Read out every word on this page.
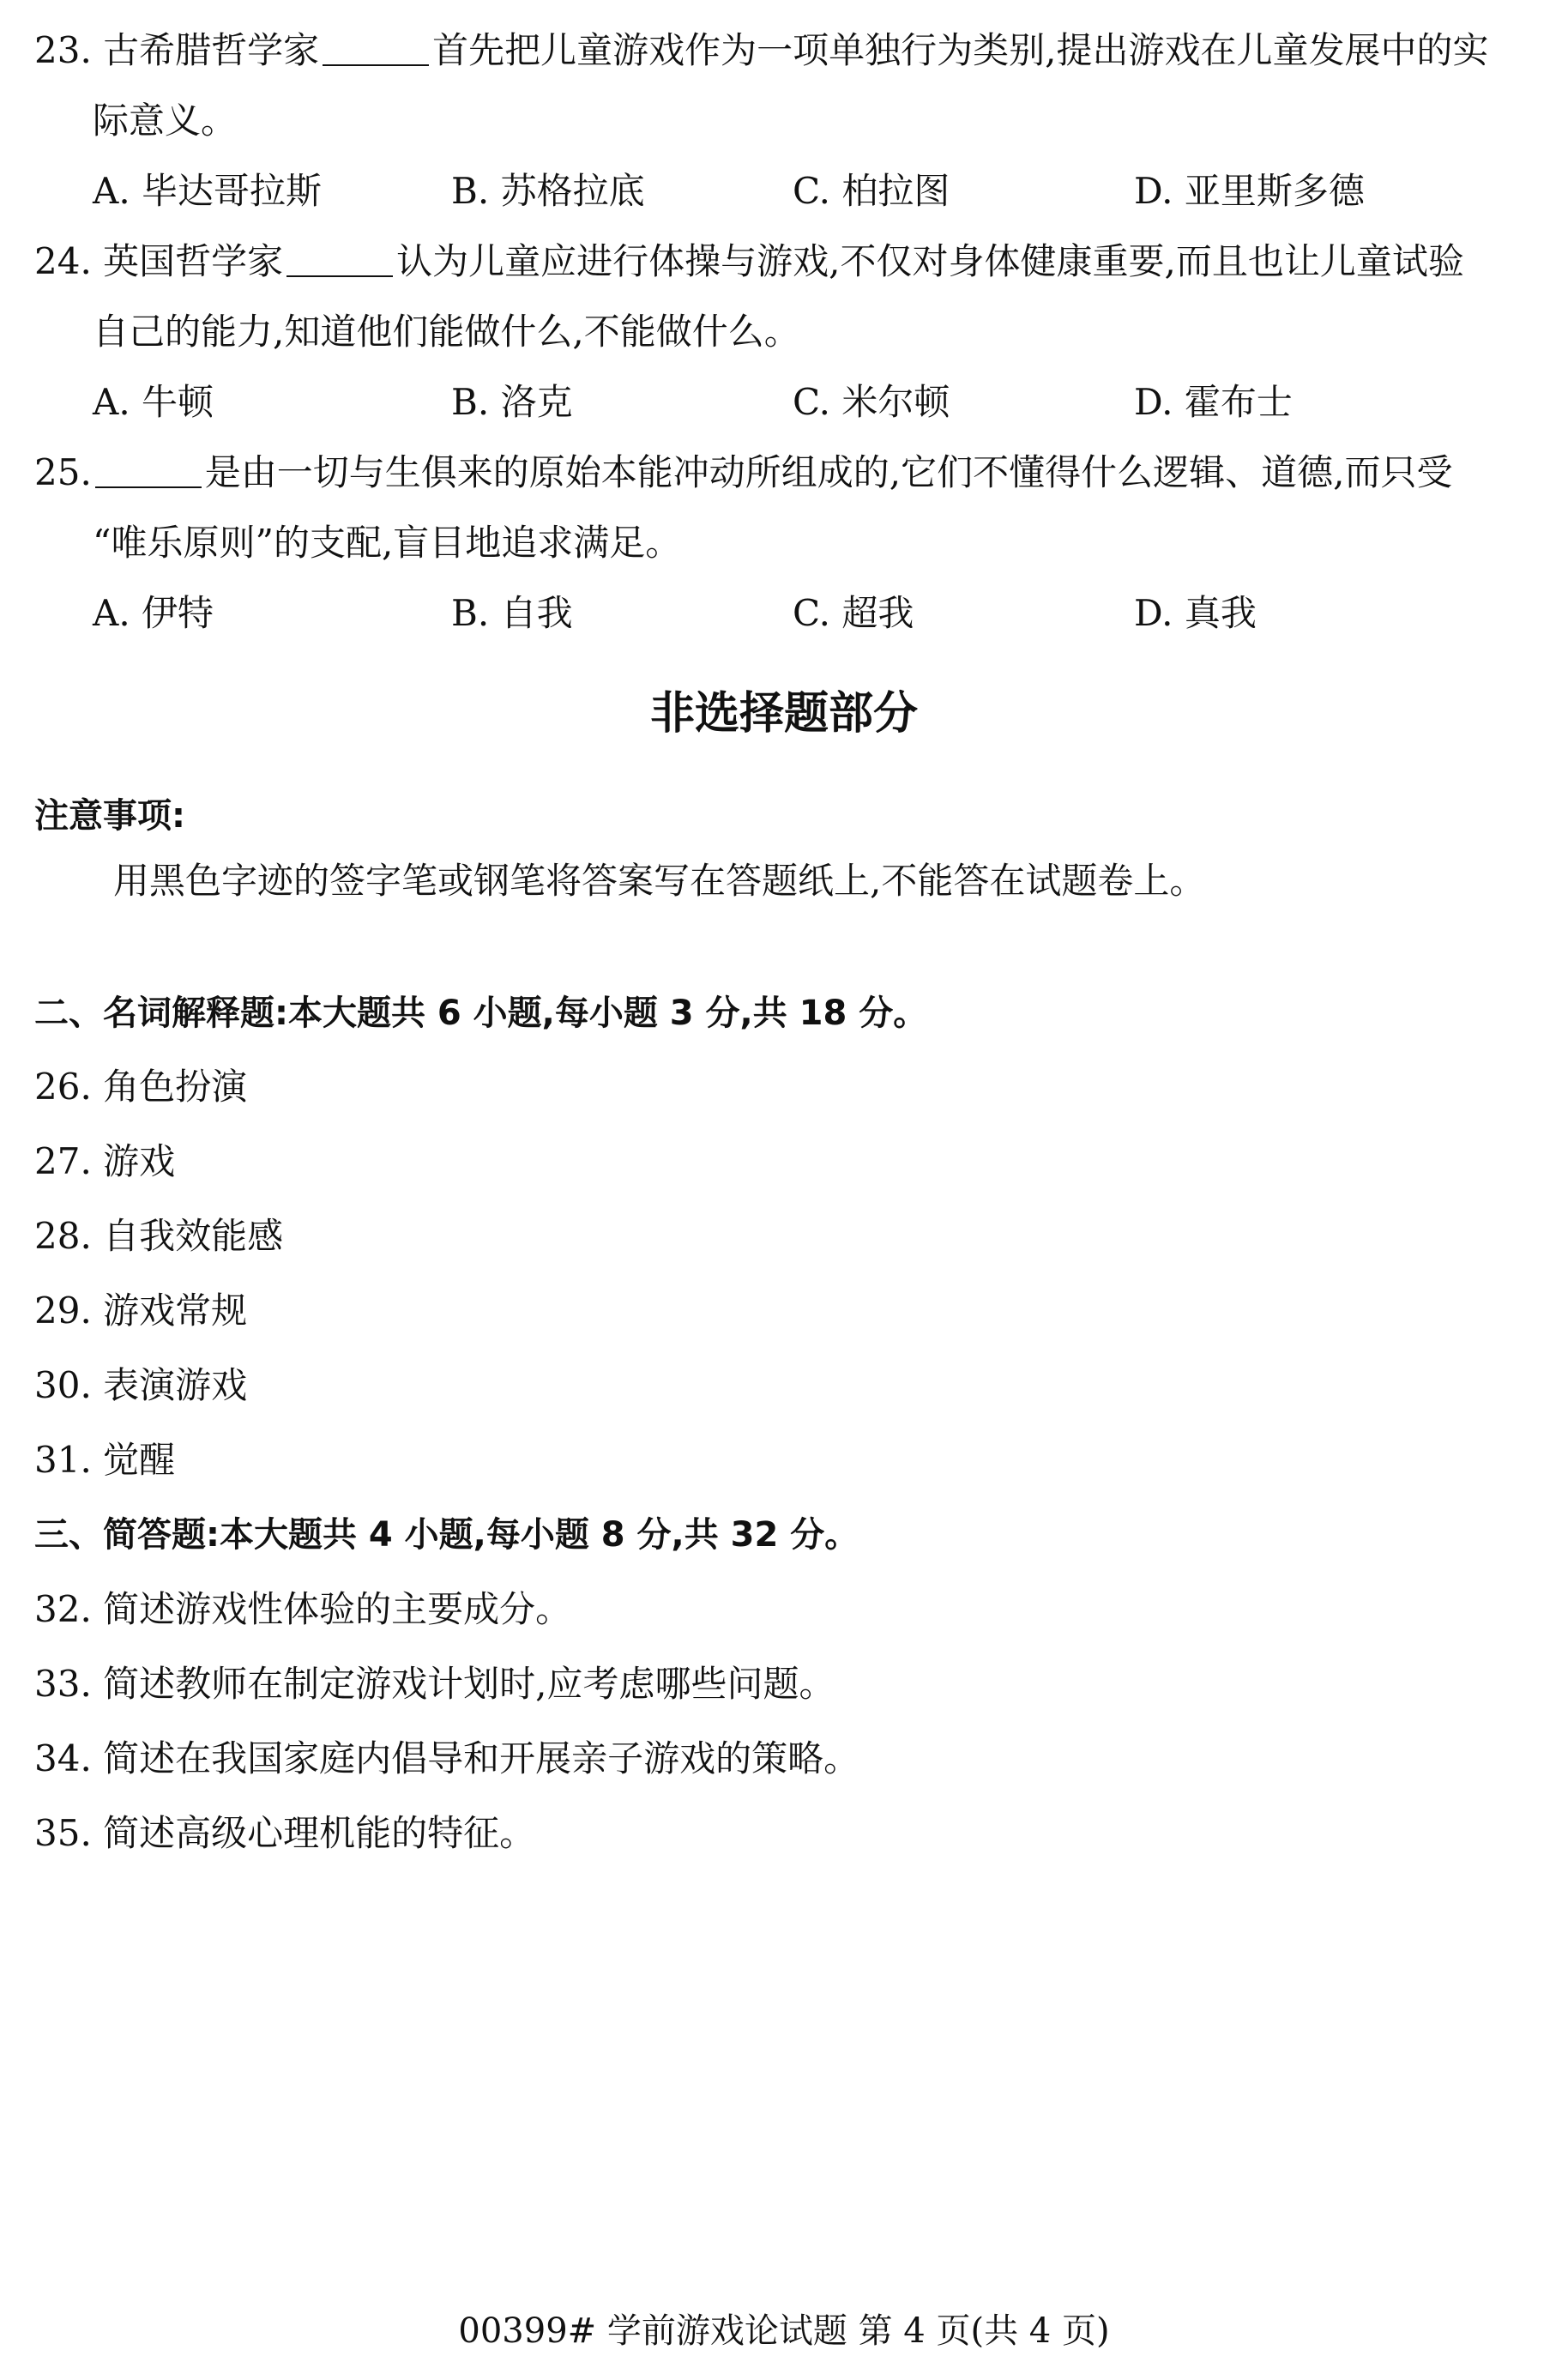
23. 古希腊哲学家	首先把儿童游戏作为一项单独行为类别,提出游戏在儿童发展中的实
际意义。
A. 毕达哥拉斯	B. 苏格拉底	C. 柏拉图	D. 亚里斯多德
24. 英国哲学家	认为儿童应进行体操与游戏,不仅对身体健康重要,而且也让儿童试验
自己的能力,知道他们能做什么,不能做什么。
A. 牛顿	B. 洛克	C. 米尔顿	D. 霍布士
25.	是由一切与生俱来的原始本能冲动所组成的,它们不懂得什么逻辑、道德,而只受
“唯乐原则”的支配,盲目地追求满足。
A. 伊特	B. 自我	C. 超我	D. 真我
非选择题部分
注意事项:
用黑色字迹的签字笔或钢笔将答案写在答题纸上,不能答在试题卷上。
二、名词解释题:本大题共 6 小题,每小题 3 分,共 18 分。
26. 角色扮演
27. 游戏
28. 自我效能感
29. 游戏常规
30. 表演游戏
31. 觉醒
三、简答题:本大题共 4 小题,每小题 8 分,共 32 分。
32. 简述游戏性体验的主要成分。
33. 简述教师在制定游戏计划时,应考虑哪些问题。
34. 简述在我国家庭内倡导和开展亲子游戏的策略。
35. 简述高级心理机能的特征。
00399# 学前游戏论试题 第 4 页(共 4 页)
